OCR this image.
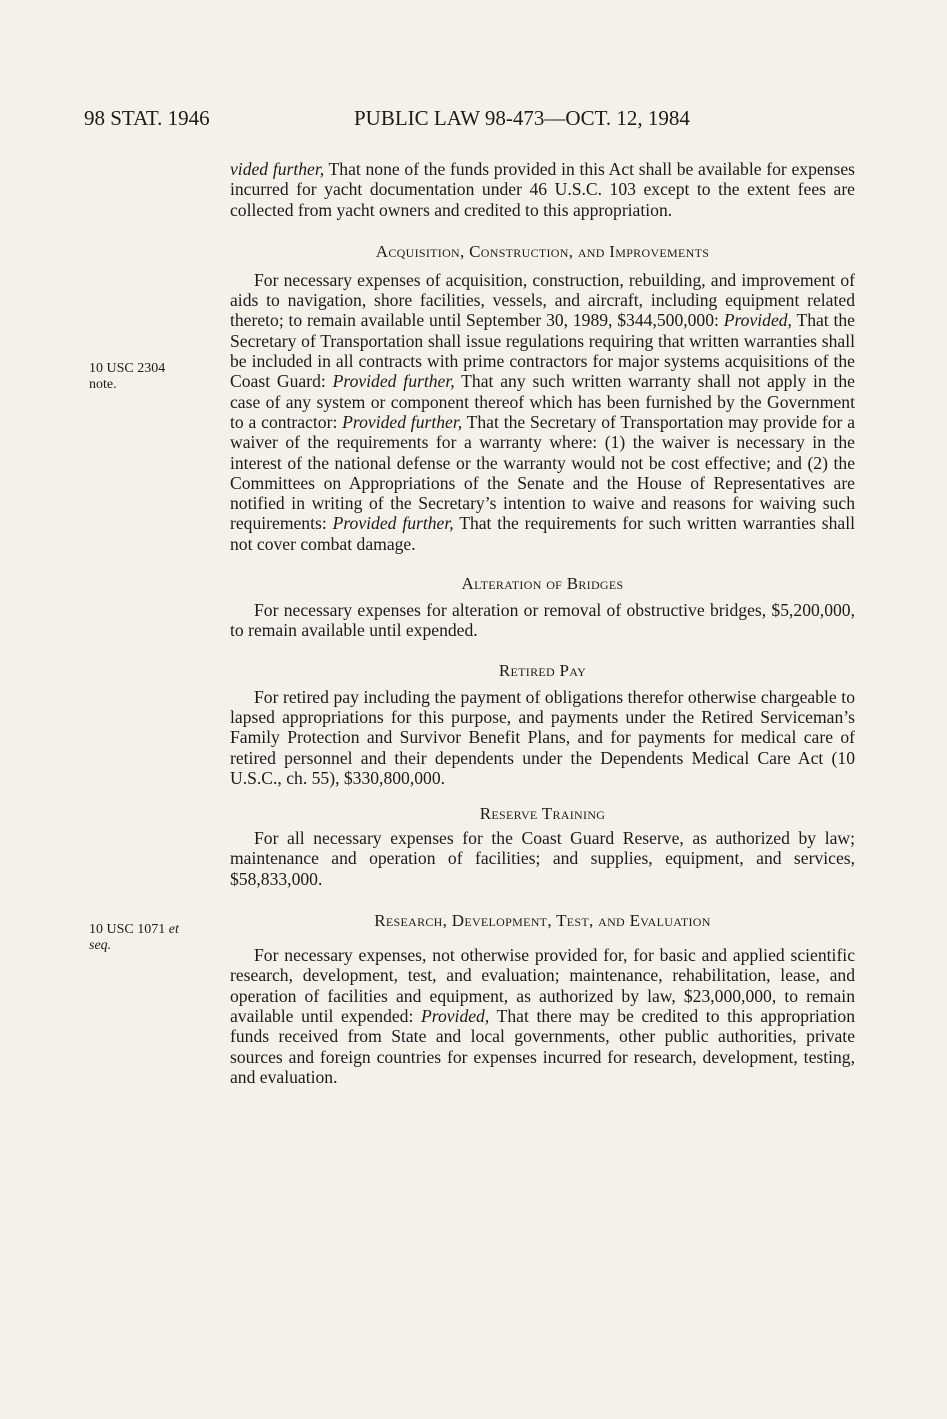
98 STAT. 1946	PUBLIC LAW 98-473—OCT. 12, 1984
10 USC 2304
note.
10 USC 1071 et
seq.

vided further, That none of the funds provided in this Act shall be available for expenses incurred for yacht documentation under 46 U.S.C. 103 except to the extent fees are collected from yacht owners and credited to this appropriation.

Acquisition, Construction, and Improvements

For necessary expenses of acquisition, construction, rebuilding, and improvement of aids to navigation, shore facilities, vessels, and aircraft, including equipment related thereto; to remain available until September 30, 1989, $344,500,000: Provided, That the Secretary of Transportation shall issue regulations requiring that written warranties shall be included in all contracts with prime contractors for major systems acquisitions of the Coast Guard: Provided further, That any such written warranty shall not apply in the case of any system or component thereof which has been furnished by the Government to a contractor: Provided further, That the Secretary of Transportation may provide for a waiver of the requirements for a warranty where: (1) the waiver is necessary in the interest of the national defense or the warranty would not be cost effective; and (2) the Committees on Appropriations of the Senate and the House of Representatives are notified in writing of the Secretary’s intention to waive and reasons for waiving such requirements: Provided further, That the requirements for such written warranties shall not cover combat damage.

Alteration of Bridges

For necessary expenses for alteration or removal of obstructive bridges, $5,200,000, to remain available until expended.

Retired Pay

For retired pay including the payment of obligations therefor otherwise chargeable to lapsed appropriations for this purpose, and payments under the Retired Serviceman’s Family Protection and Survivor Benefit Plans, and for payments for medical care of retired personnel and their dependents under the Dependents Medical Care Act (10 U.S.C., ch. 55), $330,800,000.

Reserve Training

For all necessary expenses for the Coast Guard Reserve, as authorized by law; maintenance and operation of facilities; and supplies, equipment, and services, $58,833,000.

Research, Development, Test, and Evaluation

For necessary expenses, not otherwise provided for, for basic and applied scientific research, development, test, and evaluation; maintenance, rehabilitation, lease, and operation of facilities and equipment, as authorized by law, $23,000,000, to remain available until expended: Provided, That there may be credited to this appropriation funds received from State and local governments, other public authorities, private sources and foreign countries for expenses incurred for research, development, testing, and evaluation.
